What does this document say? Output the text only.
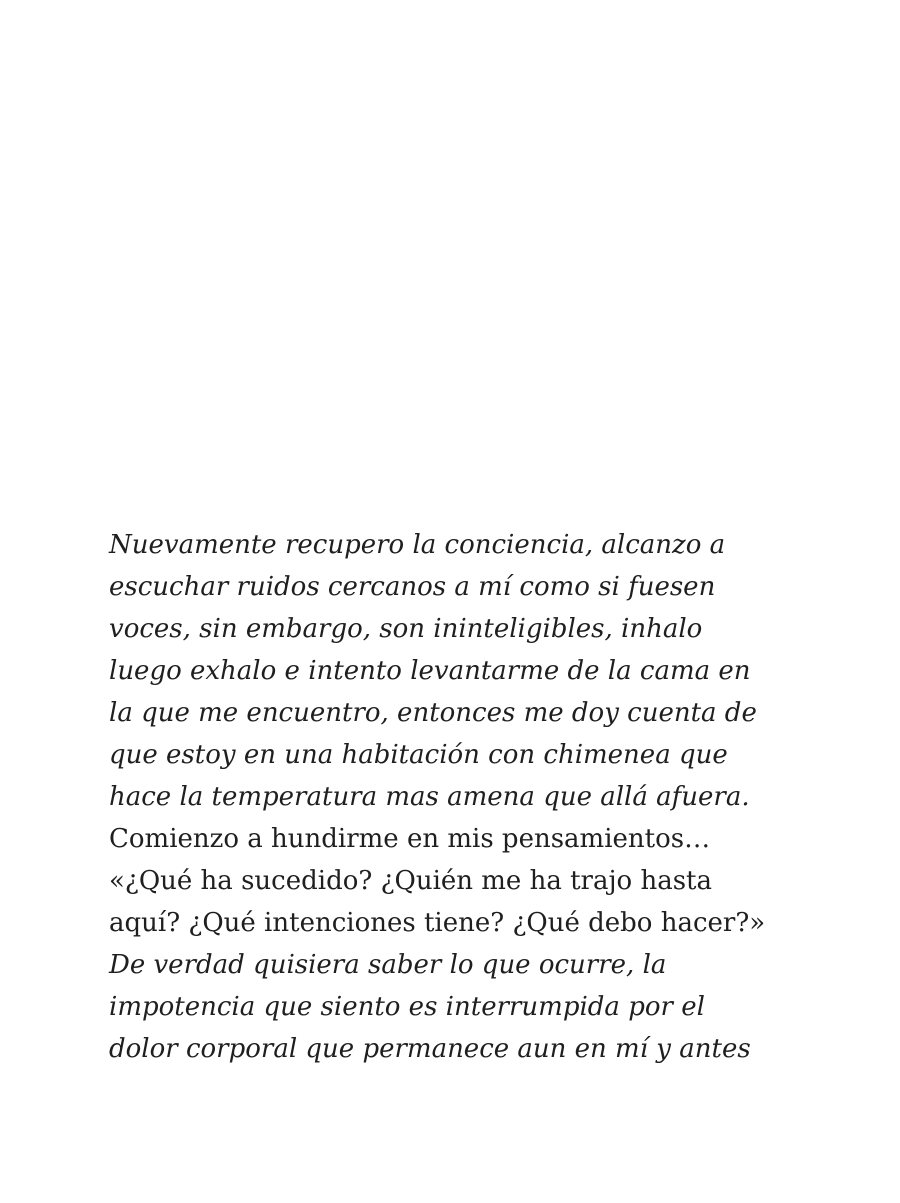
Nuevamente recupero la conciencia, alcanzo a
escuchar ruidos cercanos a mí como si fuesen
voces, sin embargo, son ininteligibles, inhalo
luego exhalo e intento levantarme de la cama en
la que me encuentro, entonces me doy cuenta de
que estoy en una habitación con chimenea que
hace la temperatura mas amena que allá afuera.
Comienzo a hundirme en mis pensamientos…
«¿Qué ha sucedido? ¿Quién me ha trajo hasta
aquí? ¿Qué intenciones tiene? ¿Qué debo hacer?»
De verdad quisiera saber lo que ocurre, la
impotencia que siento es interrumpida por el
dolor corporal que permanece aun en mí y antes
